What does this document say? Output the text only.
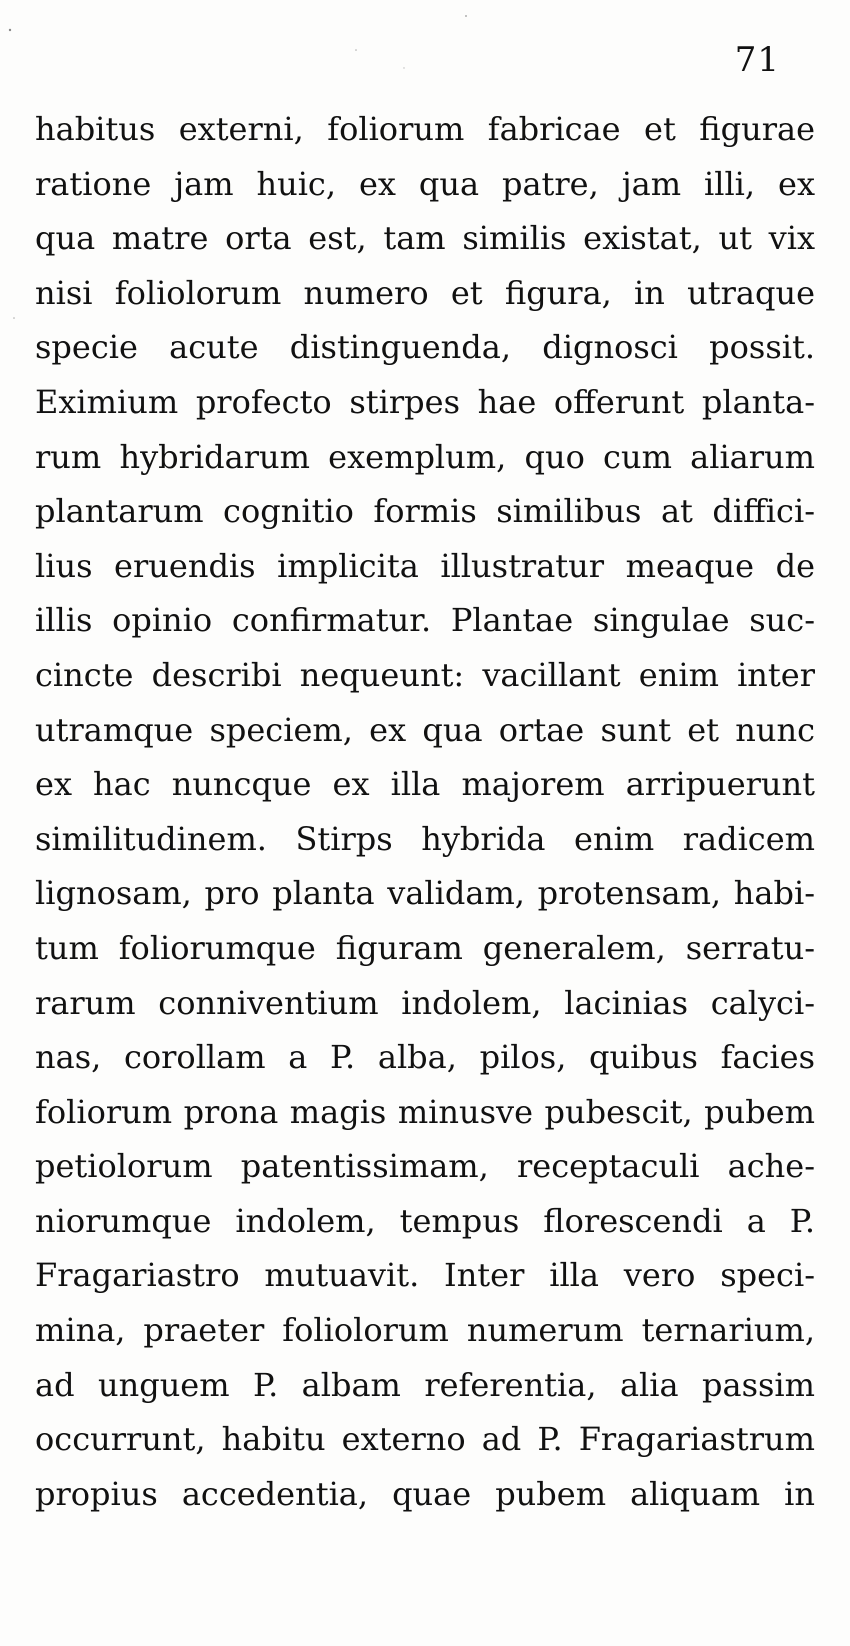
71
habitus externi, foliorum fabricae et figurae
ratione jam huic, ex qua patre, jam illi, ex
qua matre orta est, tam similis existat, ut vix
nisi foliolorum numero et figura, in utraque
specie acute distinguenda, dignosci possit.
Eximium profecto stirpes hae offerunt planta-
rum hybridarum exemplum, quo cum aliarum
plantarum cognitio formis similibus at diffici-
lius eruendis implicita illustratur meaque de
illis opinio confirmatur. Plantae singulae suc-
cincte describi nequeunt: vacillant enim inter
utramque speciem, ex qua ortae sunt et nunc
ex hac nuncque ex illa majorem arripuerunt
similitudinem. Stirps hybrida enim radicem
lignosam, pro planta validam, protensam, habi-
tum foliorumque figuram generalem, serratu-
rarum conniventium indolem, lacinias calyci-
nas, corollam a P. alba, pilos, quibus facies
foliorum prona magis minusve pubescit, pubem
petiolorum patentissimam, receptaculi ache-
niorumque indolem, tempus florescendi a P.
Fragariastro mutuavit. Inter illa vero speci-
mina, praeter foliolorum numerum ternarium,
ad unguem P. albam referentia, alia passim
occurrunt, habitu externo ad P. Fragariastrum
propius accedentia, quae pubem aliquam in
